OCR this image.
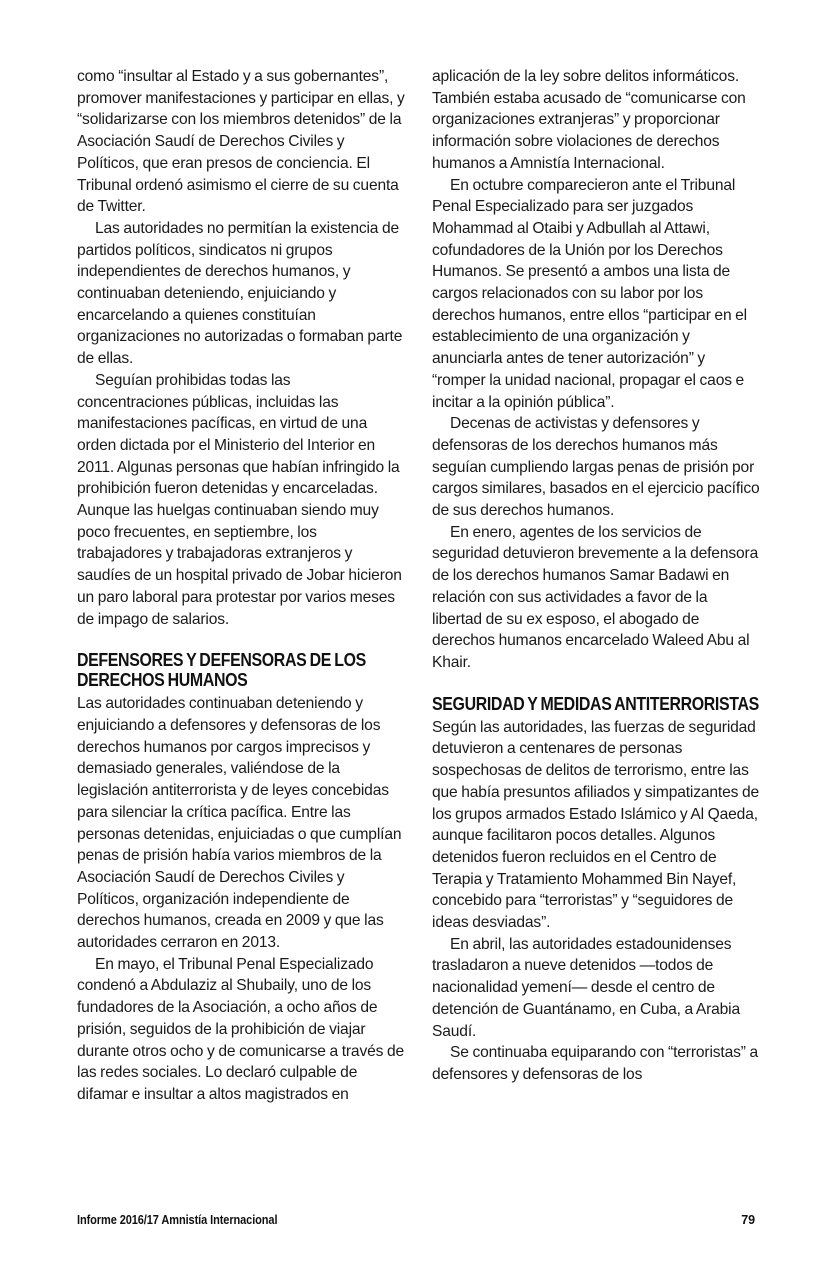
como “insultar al Estado y a sus gobernantes”, promover manifestaciones y participar en ellas, y “solidarizarse con los miembros detenidos” de la Asociación Saudí de Derechos Civiles y Políticos, que eran presos de conciencia. El Tribunal ordenó asimismo el cierre de su cuenta de Twitter.

Las autoridades no permitían la existencia de partidos políticos, sindicatos ni grupos independientes de derechos humanos, y continuaban deteniendo, enjuiciando y encarcelando a quienes constituían organizaciones no autorizadas o formaban parte de ellas.

Seguían prohibidas todas las concentraciones públicas, incluidas las manifestaciones pacíficas, en virtud de una orden dictada por el Ministerio del Interior en 2011. Algunas personas que habían infringido la prohibición fueron detenidas y encarceladas. Aunque las huelgas continuaban siendo muy poco frecuentes, en septiembre, los trabajadores y trabajadoras extranjeros y saudíes de un hospital privado de Jobar hicieron un paro laboral para protestar por varios meses de impago de salarios.

DEFENSORES Y DEFENSORAS DE LOS DERECHOS HUMANOS

Las autoridades continuaban deteniendo y enjuiciando a defensores y defensoras de los derechos humanos por cargos imprecisos y demasiado generales, valiéndose de la legislación antiterrorista y de leyes concebidas para silenciar la crítica pacífica. Entre las personas detenidas, enjuiciadas o que cumplían penas de prisión había varios miembros de la Asociación Saudí de Derechos Civiles y Políticos, organización independiente de derechos humanos, creada en 2009 y que las autoridades cerraron en 2013.

En mayo, el Tribunal Penal Especializado condenó a Abdulaziz al Shubaily, uno de los fundadores de la Asociación, a ocho años de prisión, seguidos de la prohibición de viajar durante otros ocho y de comunicarse a través de las redes sociales. Lo declaró culpable de difamar e insultar a altos magistrados en

aplicación de la ley sobre delitos informáticos. También estaba acusado de “comunicarse con organizaciones extranjeras” y proporcionar información sobre violaciones de derechos humanos a Amnistía Internacional.

En octubre comparecieron ante el Tribunal Penal Especializado para ser juzgados Mohammad al Otaibi y Adbullah al Attawi, cofundadores de la Unión por los Derechos Humanos. Se presentó a ambos una lista de cargos relacionados con su labor por los derechos humanos, entre ellos “participar en el establecimiento de una organización y anunciarla antes de tener autorización” y “romper la unidad nacional, propagar el caos e incitar a la opinión pública”.

Decenas de activistas y defensores y defensoras de los derechos humanos más seguían cumpliendo largas penas de prisión por cargos similares, basados en el ejercicio pacífico de sus derechos humanos.

En enero, agentes de los servicios de seguridad detuvieron brevemente a la defensora de los derechos humanos Samar Badawi en relación con sus actividades a favor de la libertad de su ex esposo, el abogado de derechos humanos encarcelado Waleed Abu al Khair.

SEGURIDAD Y MEDIDAS ANTITERRORISTAS

Según las autoridades, las fuerzas de seguridad detuvieron a centenares de personas sospechosas de delitos de terrorismo, entre las que había presuntos afiliados y simpatizantes de los grupos armados Estado Islámico y Al Qaeda, aunque facilitaron pocos detalles. Algunos detenidos fueron recluidos en el Centro de Terapia y Tratamiento Mohammed Bin Nayef, concebido para “terroristas” y “seguidores de ideas desviadas”.

En abril, las autoridades estadounidenses trasladaron a nueve detenidos —todos de nacionalidad yemení— desde el centro de detención de Guantánamo, en Cuba, a Arabia Saudí.

Se continuaba equiparando con “terroristas” a defensores y defensoras de los

Informe 2016/17 Amnistía Internacional	79
